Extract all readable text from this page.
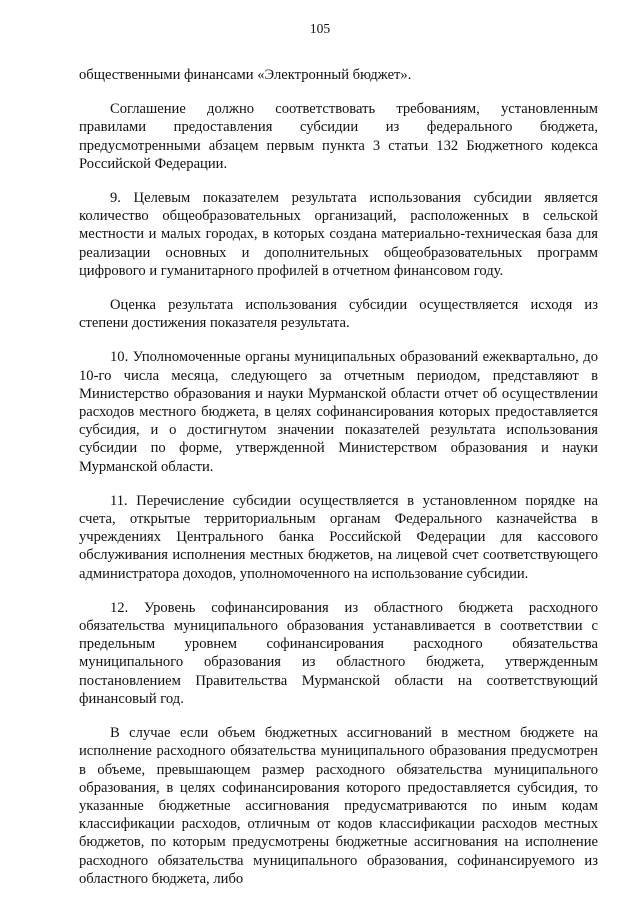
105

общественными финансами «Электронный бюджет».

Соглашение должно соответствовать требованиям, установленным правилами предоставления субсидии из федерального бюджета, предусмотренными абзацем первым пункта 3 статьи 132 Бюджетного кодекса Российской Федерации.

9. Целевым показателем результата использования субсидии является количество общеобразовательных организаций, расположенных в сельской местности и малых городах, в которых создана материально-техническая база для реализации основных и дополнительных общеобразовательных программ цифрового и гуманитарного профилей в отчетном финансовом году.

Оценка результата использования субсидии осуществляется исходя из степени достижения показателя результата.

10. Уполномоченные органы муниципальных образований ежеквартально, до 10-го числа месяца, следующего за отчетным периодом, представляют в Министерство образования и науки Мурманской области отчет об осуществлении расходов местного бюджета, в целях софинансирования которых предоставляется субсидия, и о достигнутом значении показателей результата использования субсидии по форме, утвержденной Министерством образования и науки Мурманской области.

11. Перечисление субсидии осуществляется в установленном порядке на счета, открытые территориальным органам Федерального казначейства в учреждениях Центрального банка Российской Федерации для кассового обслуживания исполнения местных бюджетов, на лицевой счет соответствующего администратора доходов, уполномоченного на использование субсидии.

12. Уровень софинансирования из областного бюджета расходного обязательства муниципального образования устанавливается в соответствии с предельным уровнем софинансирования расходного обязательства муниципального образования из областного бюджета, утвержденным постановлением Правительства Мурманской области на соответствующий финансовый год.

В случае если объем бюджетных ассигнований в местном бюджете на исполнение расходного обязательства муниципального образования предусмотрен в объеме, превышающем размер расходного обязательства муниципального образования, в целях софинансирования которого предоставляется субсидия, то указанные бюджетные ассигнования предусматриваются по иным кодам классификации расходов, отличным от кодов классификации расходов местных бюджетов, по которым предусмотрены бюджетные ассигнования на исполнение расходного обязательства муниципального образования, софинансируемого из областного бюджета, либо
